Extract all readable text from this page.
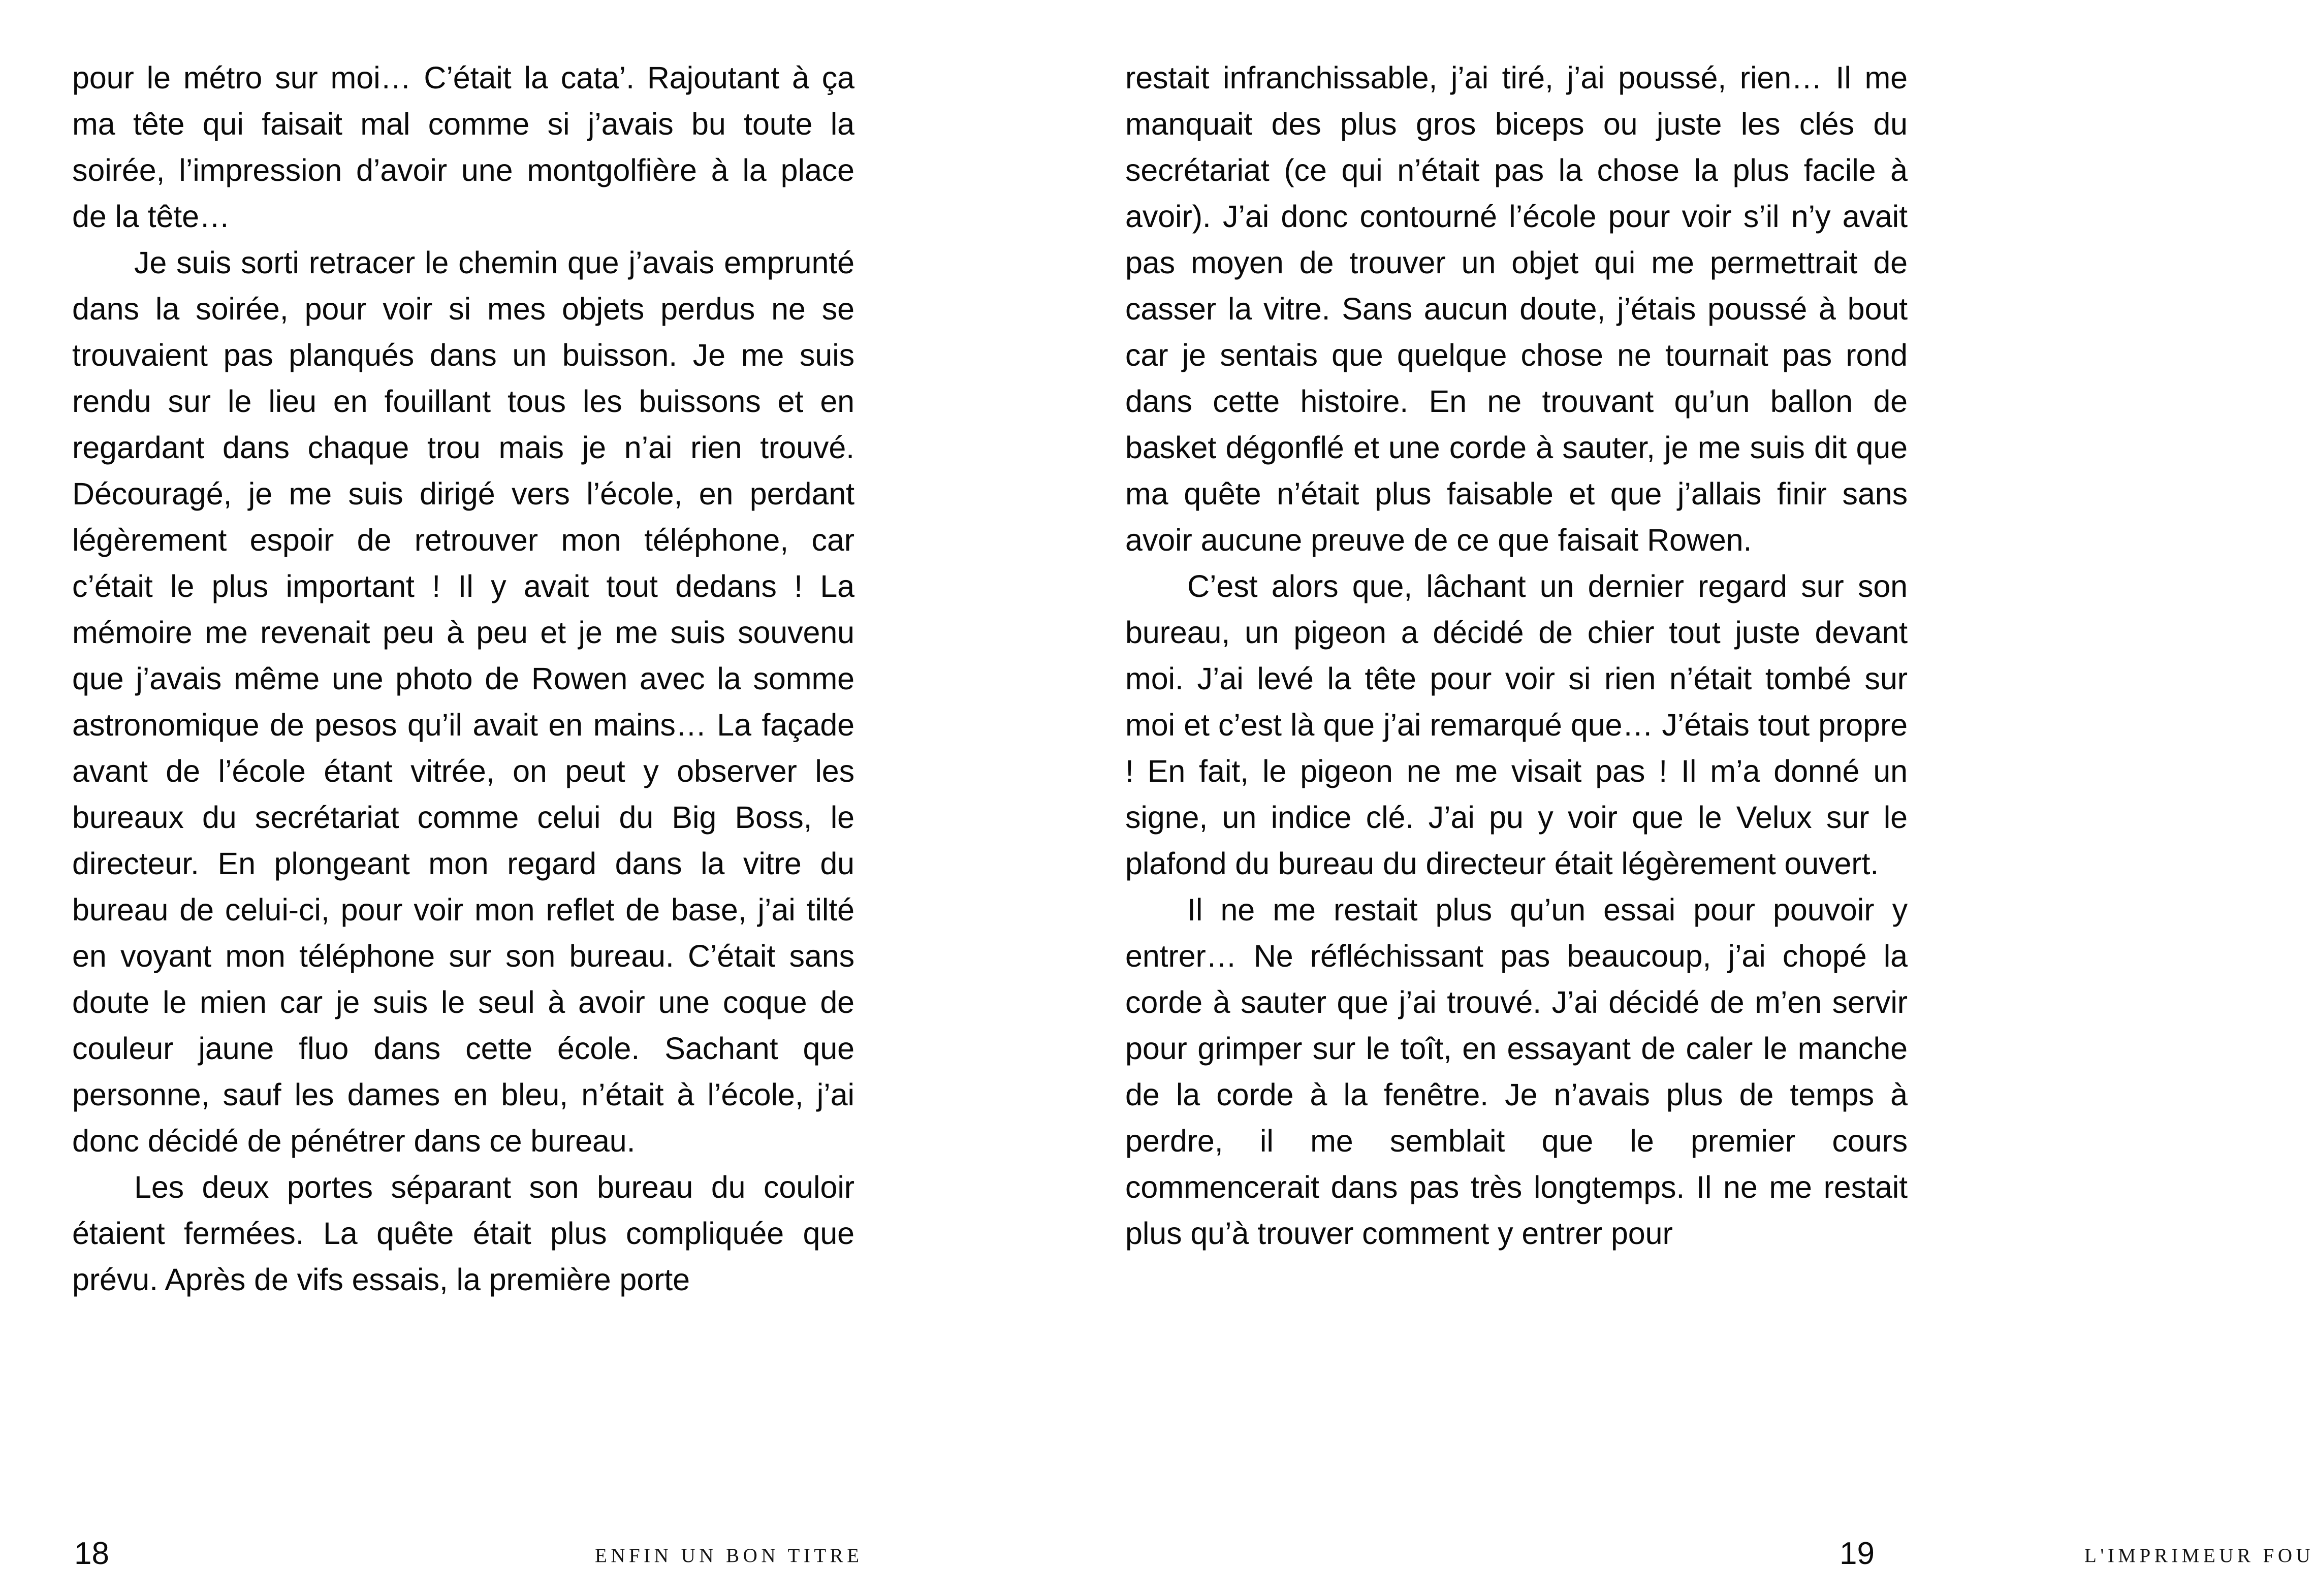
pour le métro sur moi… C’était la cata’. Rajoutant à ça ma tête qui faisait mal comme si j’avais bu toute la soirée, l’impression d’avoir une montgolfière à la place de la tête…

Je suis sorti retracer le chemin que j’avais emprunté dans la soirée, pour voir si mes objets perdus ne se trouvaient pas planqués dans un buisson. Je me suis rendu sur le lieu en fouillant tous les buissons et en regardant dans chaque trou mais je n’ai rien trouvé. Découragé, je me suis dirigé vers l’école, en perdant légèrement espoir de retrouver mon téléphone, car c’était le plus important ! Il y avait tout dedans ! La mémoire me revenait peu à peu et je me suis souvenu que j’avais même une photo de Rowen avec la somme astronomique de pesos qu’il avait en mains… La façade avant de l’école étant vitrée, on peut y observer les bureaux du secrétariat comme celui du Big Boss, le directeur. En plongeant mon regard dans la vitre du bureau de celui-ci, pour voir mon reflet de base, j’ai tilté en voyant mon téléphone sur son bureau. C’était sans doute le mien car je suis le seul à avoir une coque de couleur jaune fluo dans cette école. Sachant que personne, sauf les dames en bleu, n’était à l’école, j’ai donc décidé de pénétrer dans ce bureau.

Les deux portes séparant son bureau du couloir étaient fermées. La quête était plus compliquée que prévu. Après de vifs essais, la première porte

18	ENFIN UN BON TITRE

restait infranchissable, j’ai tiré, j’ai poussé, rien… Il me manquait des plus gros biceps ou juste les clés du secrétariat (ce qui n’était pas la chose la plus facile à avoir). J’ai donc contourné l’école pour voir s’il n’y avait pas moyen de trouver un objet qui me permettrait de casser la vitre. Sans aucun doute, j’étais poussé à bout car je sentais que quelque chose ne tournait pas rond dans cette histoire. En ne trouvant qu’un ballon de basket dégonflé et une corde à sauter, je me suis dit que ma quête n’était plus faisable et que j’allais finir sans avoir aucune preuve de ce que faisait Rowen.

C’est alors que, lâchant un dernier regard sur son bureau, un pigeon a décidé de chier tout juste devant moi. J’ai levé la tête pour voir si rien n’était tombé sur moi et c’est là que j’ai remarqué que… J’étais tout propre ! En fait, le pigeon ne me visait pas ! Il m’a donné un signe, un indice clé. J’ai pu y voir que le Velux sur le plafond du bureau du directeur était légèrement ouvert.

Il ne me restait plus qu’un essai pour pouvoir y entrer… Ne réfléchissant pas beaucoup, j’ai chopé la corde à sauter que j’ai trouvé. J’ai décidé de m’en servir pour grimper sur le toît, en essayant de caler le manche de la corde à la fenêtre. Je n’avais plus de temps à perdre, il me semblait que le premier cours commencerait dans pas très longtemps. Il ne me restait plus qu’à trouver comment y entrer pour

L'IMPRIMEUR FOU
19
